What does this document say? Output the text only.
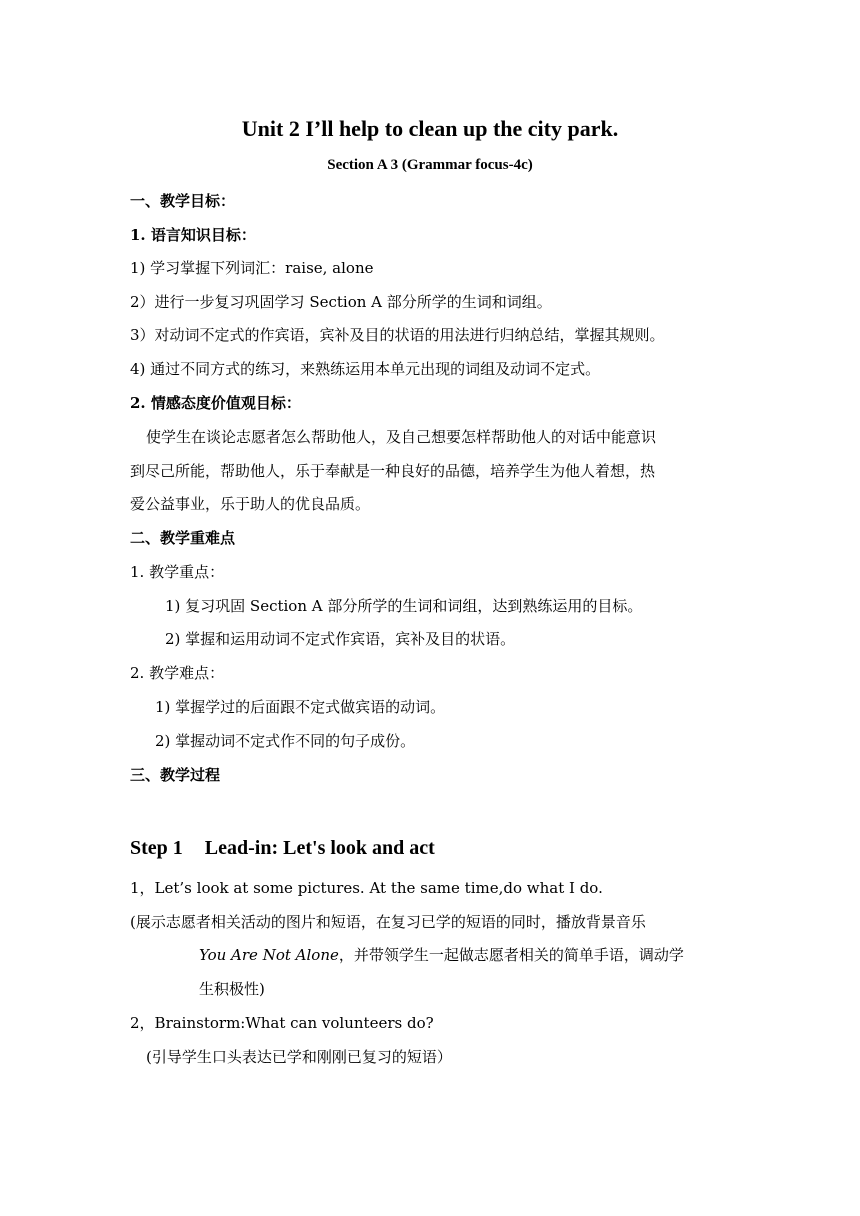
Unit 2 I’ll help to clean up the city park.
Section A 3 (Grammar focus-4c)
一、教学目标：
1. 语言知识目标：
1) 学习掌握下列词汇：raise, alone
2）进行一步复习巩固学习 Section A 部分所学的生词和词组。
3）对动词不定式的作宾语，宾补及目的状语的用法进行归纳总结，掌握其规则。
4) 通过不同方式的练习，来熟练运用本单元出现的词组及动词不定式。
2. 情感态度价值观目标：
使学生在谈论志愿者怎么帮助他人，及自己想要怎样帮助他人的对话中能意识
到尽己所能，帮助他人，乐于奉献是一种良好的品德，培养学生为他人着想，热
爱公益事业，乐于助人的优良品质。
二、教学重难点
1. 教学重点：
1) 复习巩固 Section A 部分所学的生词和词组，达到熟练运用的目标。
2) 掌握和运用动词不定式作宾语，宾补及目的状语。
2. 教学难点：
1) 掌握学过的后面跟不定式做宾语的动词。
2) 掌握动词不定式作不同的句子成份。
三、教学过程
Step 1 Lead-in: Let's look and act
1，Let’s look at some pictures. At the same time,do what I do.
(展示志愿者相关活动的图片和短语，在复习已学的短语的同时，播放背景音乐
You Are Not Alone，并带领学生一起做志愿者相关的简单手语，调动学
生积极性)
2，Brainstorm:What can volunteers do?
(引导学生口头表达已学和刚刚已复习的短语）
